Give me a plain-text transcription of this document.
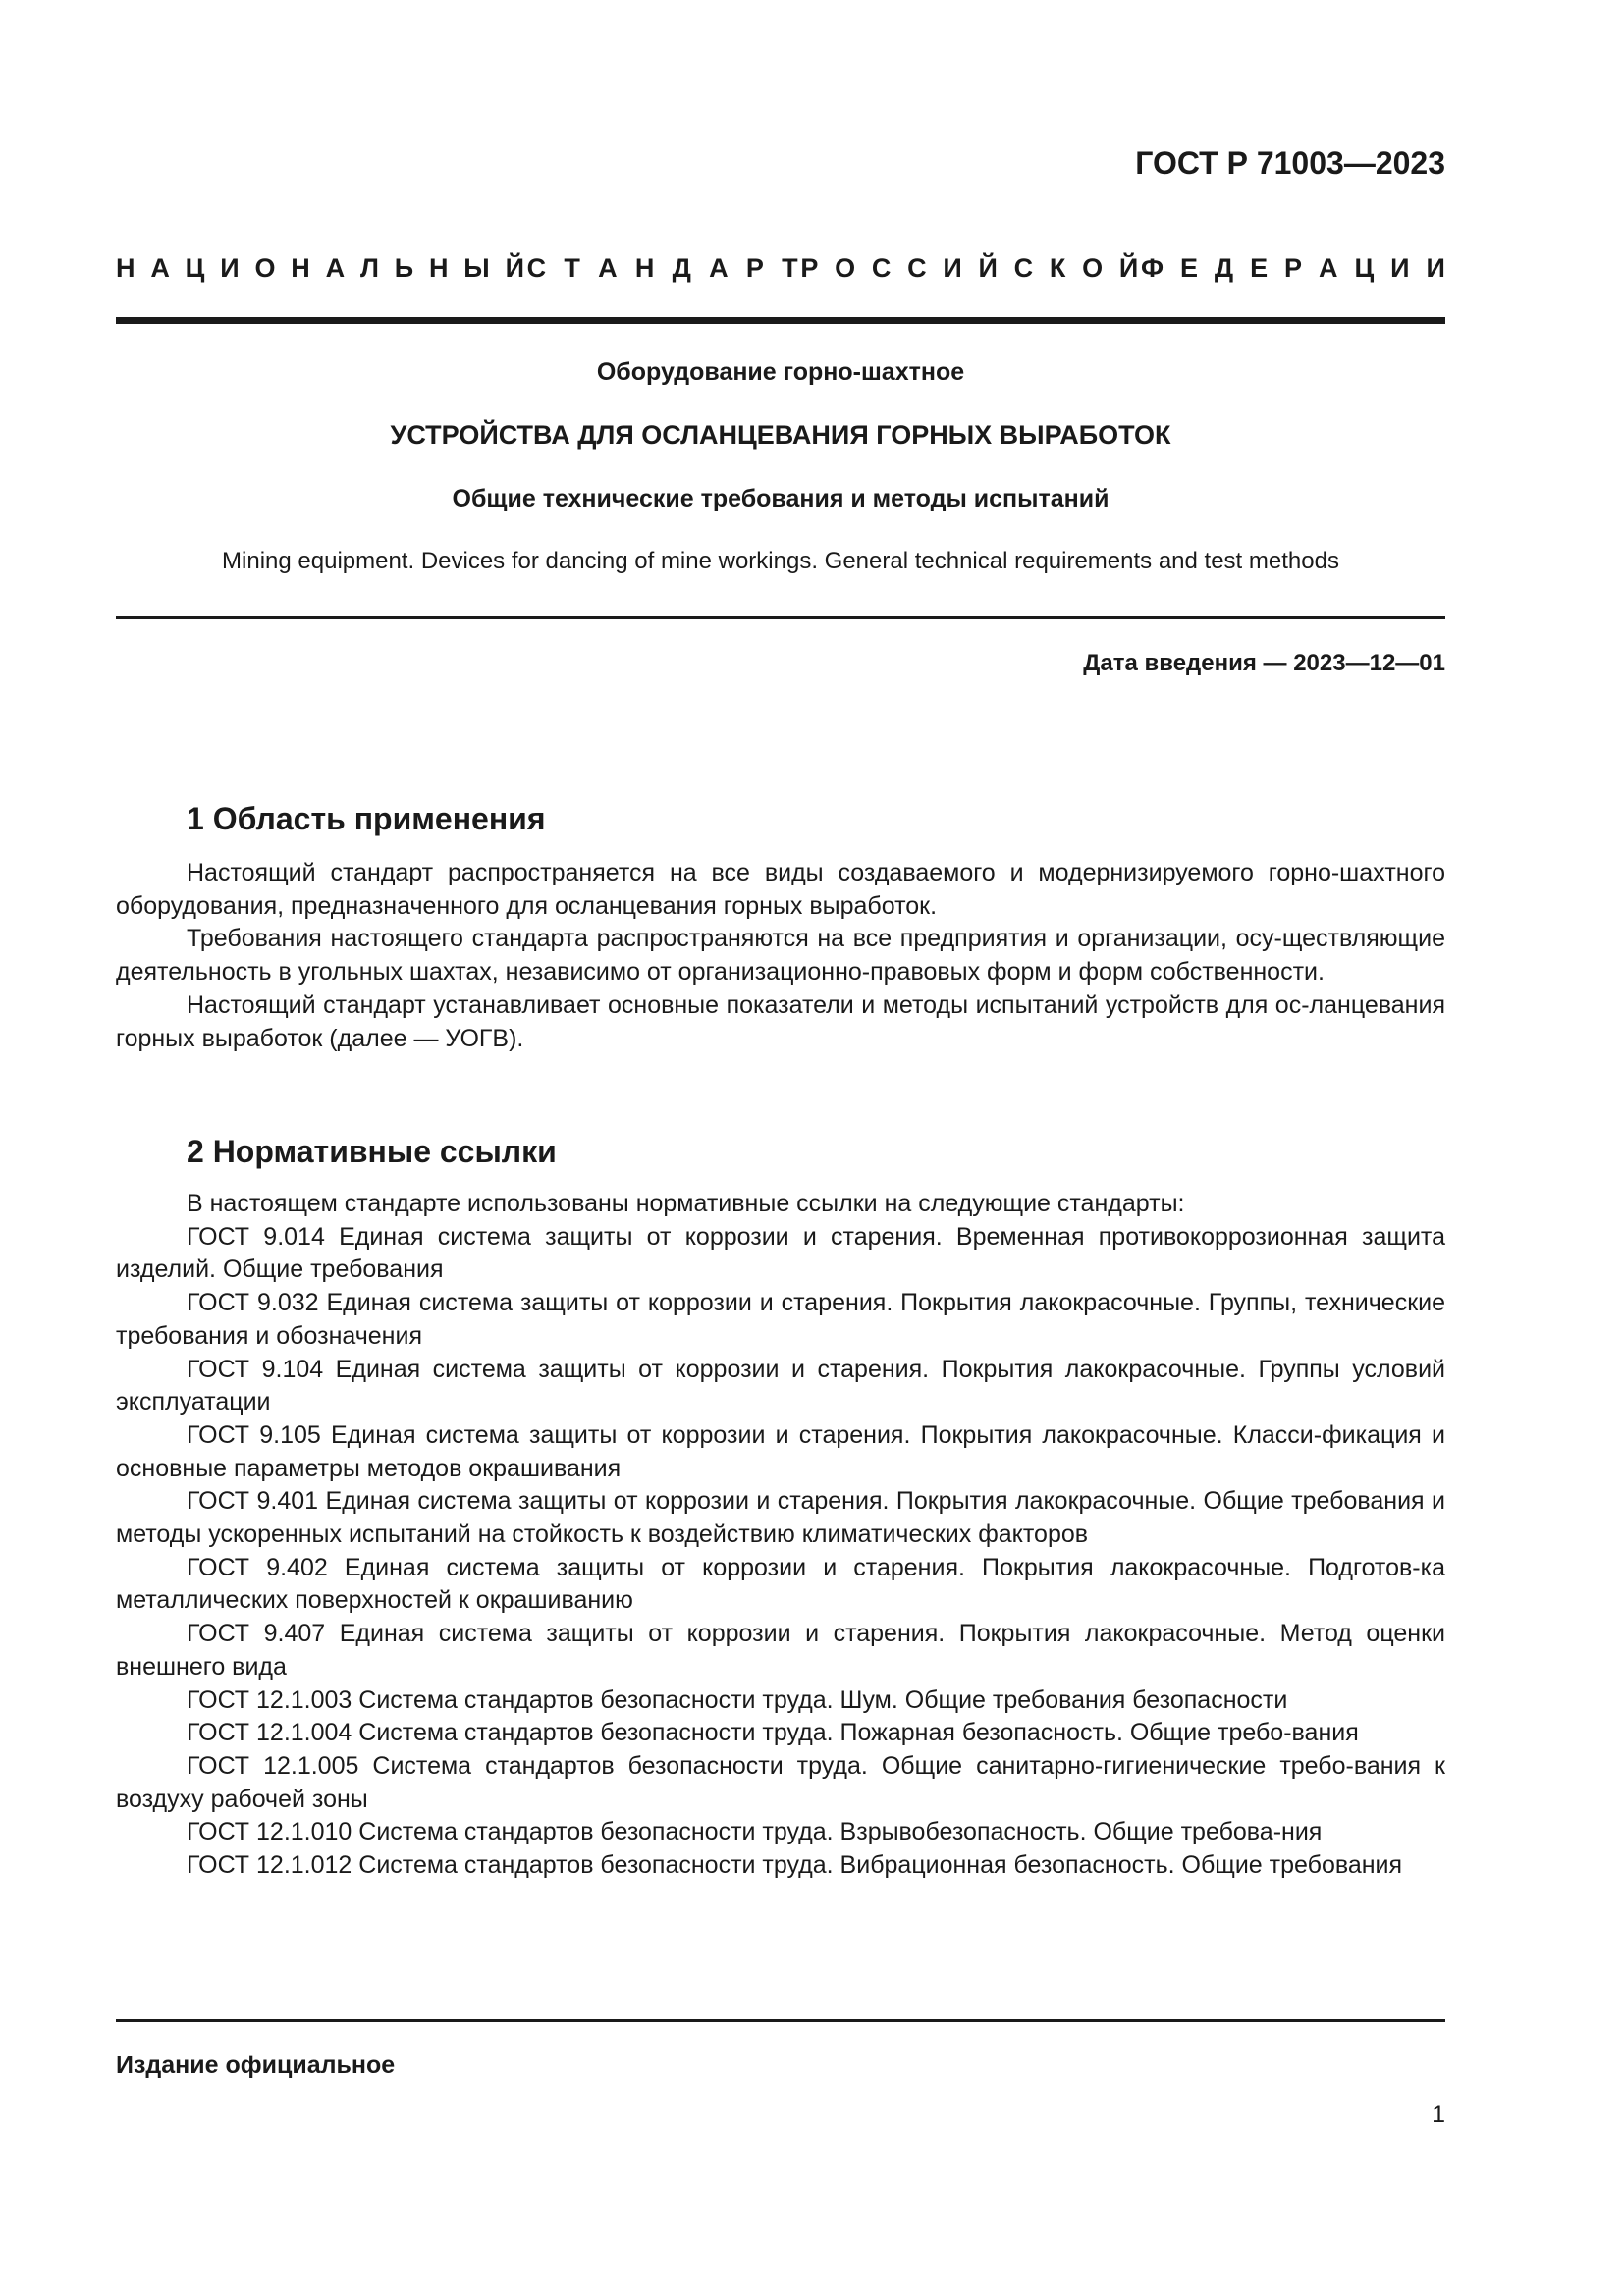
ГОСТ Р 71003—2023
Н А Ц И О Н А Л Ь Н Ы Й С Т А Н Д А Р Т Р О С С И Й С К О Й Ф Е Д Е Р А Ц И И
Оборудование горно-шахтное
УСТРОЙСТВА ДЛЯ ОСЛАНЦЕВАНИЯ ГОРНЫХ ВЫРАБОТОК
Общие технические требования и методы испытаний
Mining equipment. Devices for dancing of mine workings. General technical requirements and test methods
Дата введения — 2023—12—01
1 Область применения

Настоящий стандарт распространяется на все виды создаваемого и модернизируемого горно-шахтного оборудования, предназначенного для осланцевания горных выработок.

Требования настоящего стандарта распространяются на все предприятия и организации, осу-ществляющие деятельность в угольных шахтах, независимо от организационно-правовых форм и форм собственности.

Настоящий стандарт устанавливает основные показатели и методы испытаний устройств для ос-ланцевания горных выработок (далее — УОГВ).

2 Нормативные ссылки

В настоящем стандарте использованы нормативные ссылки на следующие стандарты:

ГОСТ 9.014 Единая система защиты от коррозии и старения. Временная противокоррозионная защита изделий. Общие требования

ГОСТ 9.032 Единая система защиты от коррозии и старения. Покрытия лакокрасочные. Группы, технические требования и обозначения

ГОСТ 9.104 Единая система защиты от коррозии и старения. Покрытия лакокрасочные. Группы условий эксплуатации

ГОСТ 9.105 Единая система защиты от коррозии и старения. Покрытия лакокрасочные. Класси-фикация и основные параметры методов окрашивания

ГОСТ 9.401 Единая система защиты от коррозии и старения. Покрытия лакокрасочные. Общие требования и методы ускоренных испытаний на стойкость к воздействию климатических факторов

ГОСТ 9.402 Единая система защиты от коррозии и старения. Покрытия лакокрасочные. Подготов-ка металлических поверхностей к окрашиванию

ГОСТ 9.407 Единая система защиты от коррозии и старения. Покрытия лакокрасочные. Метод оценки внешнего вида

ГОСТ 12.1.003 Система стандартов безопасности труда. Шум. Общие требования безопасности

ГОСТ 12.1.004 Система стандартов безопасности труда. Пожарная безопасность. Общие требо-вания

ГОСТ 12.1.005 Система стандартов безопасности труда. Общие санитарно-гигиенические требо-вания к воздуху рабочей зоны

ГОСТ 12.1.010 Система стандартов безопасности труда. Взрывобезопасность. Общие требова-ния

ГОСТ 12.1.012 Система стандартов безопасности труда. Вибрационная безопасность. Общие требования

Издание официальное
1
